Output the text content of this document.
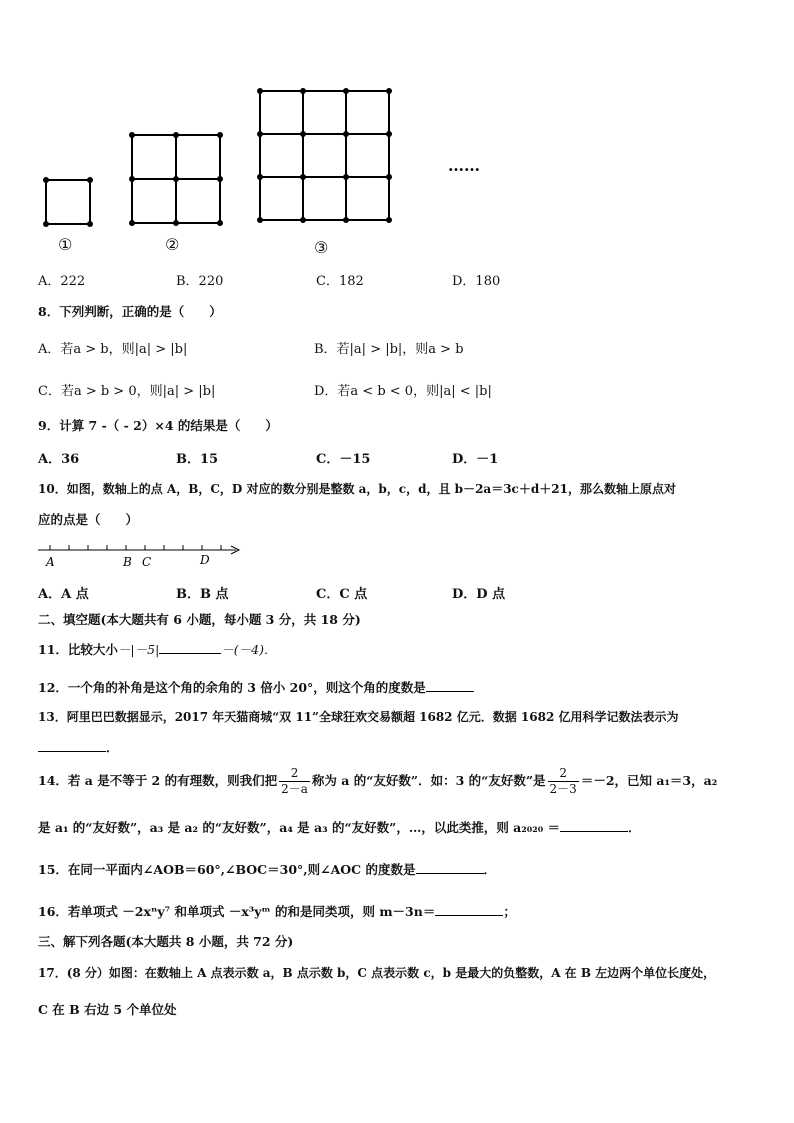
①	②	③
……
A．222	B．220	C．182	D．180
8．下列判断，正确的是（　　）
A．若a > b，则|a| > |b|	B．若|a| > |b|，则a > b
C．若a > b > 0，则|a| > |b|	D．若a < b < 0，则|a| < |b|
9．计算 7 -（ - 2）×4 的结果是（　　）
A．36	B．15	C．－15	D．－1
10．如图，数轴上的点 A，B，C，D 对应的数分别是整数 a，b，c，d，且 b－2a＝3c＋d＋21，那么数轴上原点对
应的点是（　　）
A	B C	D
A．A 点	B．B 点	C．C 点	D．D 点
二、填空题(本大题共有 6 小题，每小题 3 分，共 18 分)
11．比较大小－|－5|	－(－4)．
12．一个角的补角是这个角的余角的 3 倍小 20°，则这个角的度数是
13．阿里巴巴数据显示，2017 年天猫商城“双 11”全球狂欢交易额超 1682 亿元．数据 1682 亿用科学记数法表示为
．
14．若 a 是不等于 2 的有理数，则我们把 $\frac{2}{2-a}$ 称为 a 的“友好数”．如：3 的“友好数”是 $\frac{2}{2-3} =-2$，已知 a₁＝3，a₂
是 a₁ 的“友好数”，a₃ 是 a₂ 的“友好数”，a₄ 是 a₃ 的“友好数”，…，以此类推，则 a₂₀₂₀ ＝	．
15．在同一平面内∠AOB＝60°,∠BOC＝30°,则∠AOC 的度数是	．
16．若单项式 －2xⁿy⁷ 和单项式 －x³yᵐ 的和是同类项，则 m－3n＝	；
三、解下列各题(本大题共 8 小题，共 72 分)
17．(8 分）如图：在数轴上 A 点表示数 a，B 点示数 b，C 点表示数 c，b 是最大的负整数，A 在 B 左边两个单位长度处，
C 在 B 右边 5 个单位处
